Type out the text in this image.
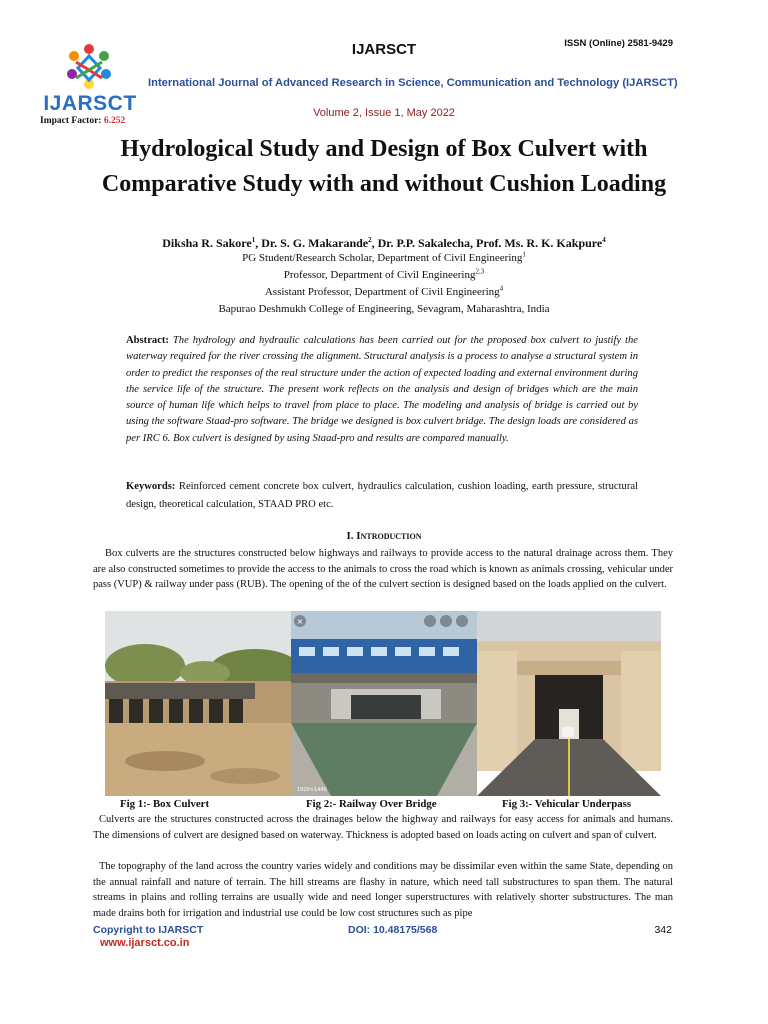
IJARSCT
Impact Factor: 6.252
IJARSCT	ISSN (Online) 2581-9429
International Journal of Advanced Research in Science, Communication and Technology (IJARSCT)
Volume 2, Issue 1, May 2022
Hydrological Study and Design of Box Culvert with Comparative Study with and without Cushion Loading
Diksha R. Sakore$^1$, Dr. S. G. Makarande$^2$, Dr. P.P. Sakalecha, Prof. Ms. R. K. Kakpure$^4$
PG Student/Research Scholar, Department of Civil Engineering$^1$
Professor, Department of Civil Engineering$^{2,3}$
Assistant Professor, Department of Civil Engineering$^4$
Bapurao Deshmukh College of Engineering, Sevagram, Maharashtra, India
Abstract: The hydrology and hydraulic calculations has been carried out for the proposed box culvert to justify the waterway required for the river crossing the alignment. Structural analysis is a process to analyse a structural system in order to predict the responses of the real structure under the action of expected loading and external environment during the service life of the structure. The present work reflects on the analysis and design of bridges which are the main source of human life which helps to travel from place to place. The modeling and analysis of bridge is carried out by using the software Staad-pro software. The bridge we designed is box culvert bridge. The design loads are considered as per IRC 6. Box culvert is designed by using Staad-pro and results are compared manually.
Keywords: Reinforced cement concrete box culvert, hydraulics calculation, cushion loading, earth pressure, structural design, theoretical calculation, STAAD PRO etc.
I. Introduction
Box culverts are the structures constructed below highways and railways to provide access to the natural drainage across them. They are also constructed sometimes to provide the access to the animals to cross the road which is known as animals crossing, vehicular under pass (VUP) & railway under pass (RUB). The opening of the of the culvert section is designed based on the loads applied on the culvert.
×
1920×1440
Fig 1:- Box Culvert	Fig 2:- Railway Over Bridge	Fig 3:- Vehicular Underpass
Culverts are the structures constructed across the drainages below the highway and railways for easy access for animals and humans. The dimensions of culvert are designed based on waterway. Thickness is adopted based on loads acting on culvert and span of culvert.
The topography of the land across the country varies widely and conditions may be dissimilar even within the same State, depending on the annual rainfall and nature of terrain. The hill streams are flashy in nature, which need tall substructures to span them. The natural streams in plains and rolling terrains are usually wide and need longer superstructures with relatively shorter substructures. The man made drains both for irrigation and industrial use could be low cost structures such as pipe
Copyright to IJARSCT	DOI: 10.48175/568	342
www.ijarsct.co.in
